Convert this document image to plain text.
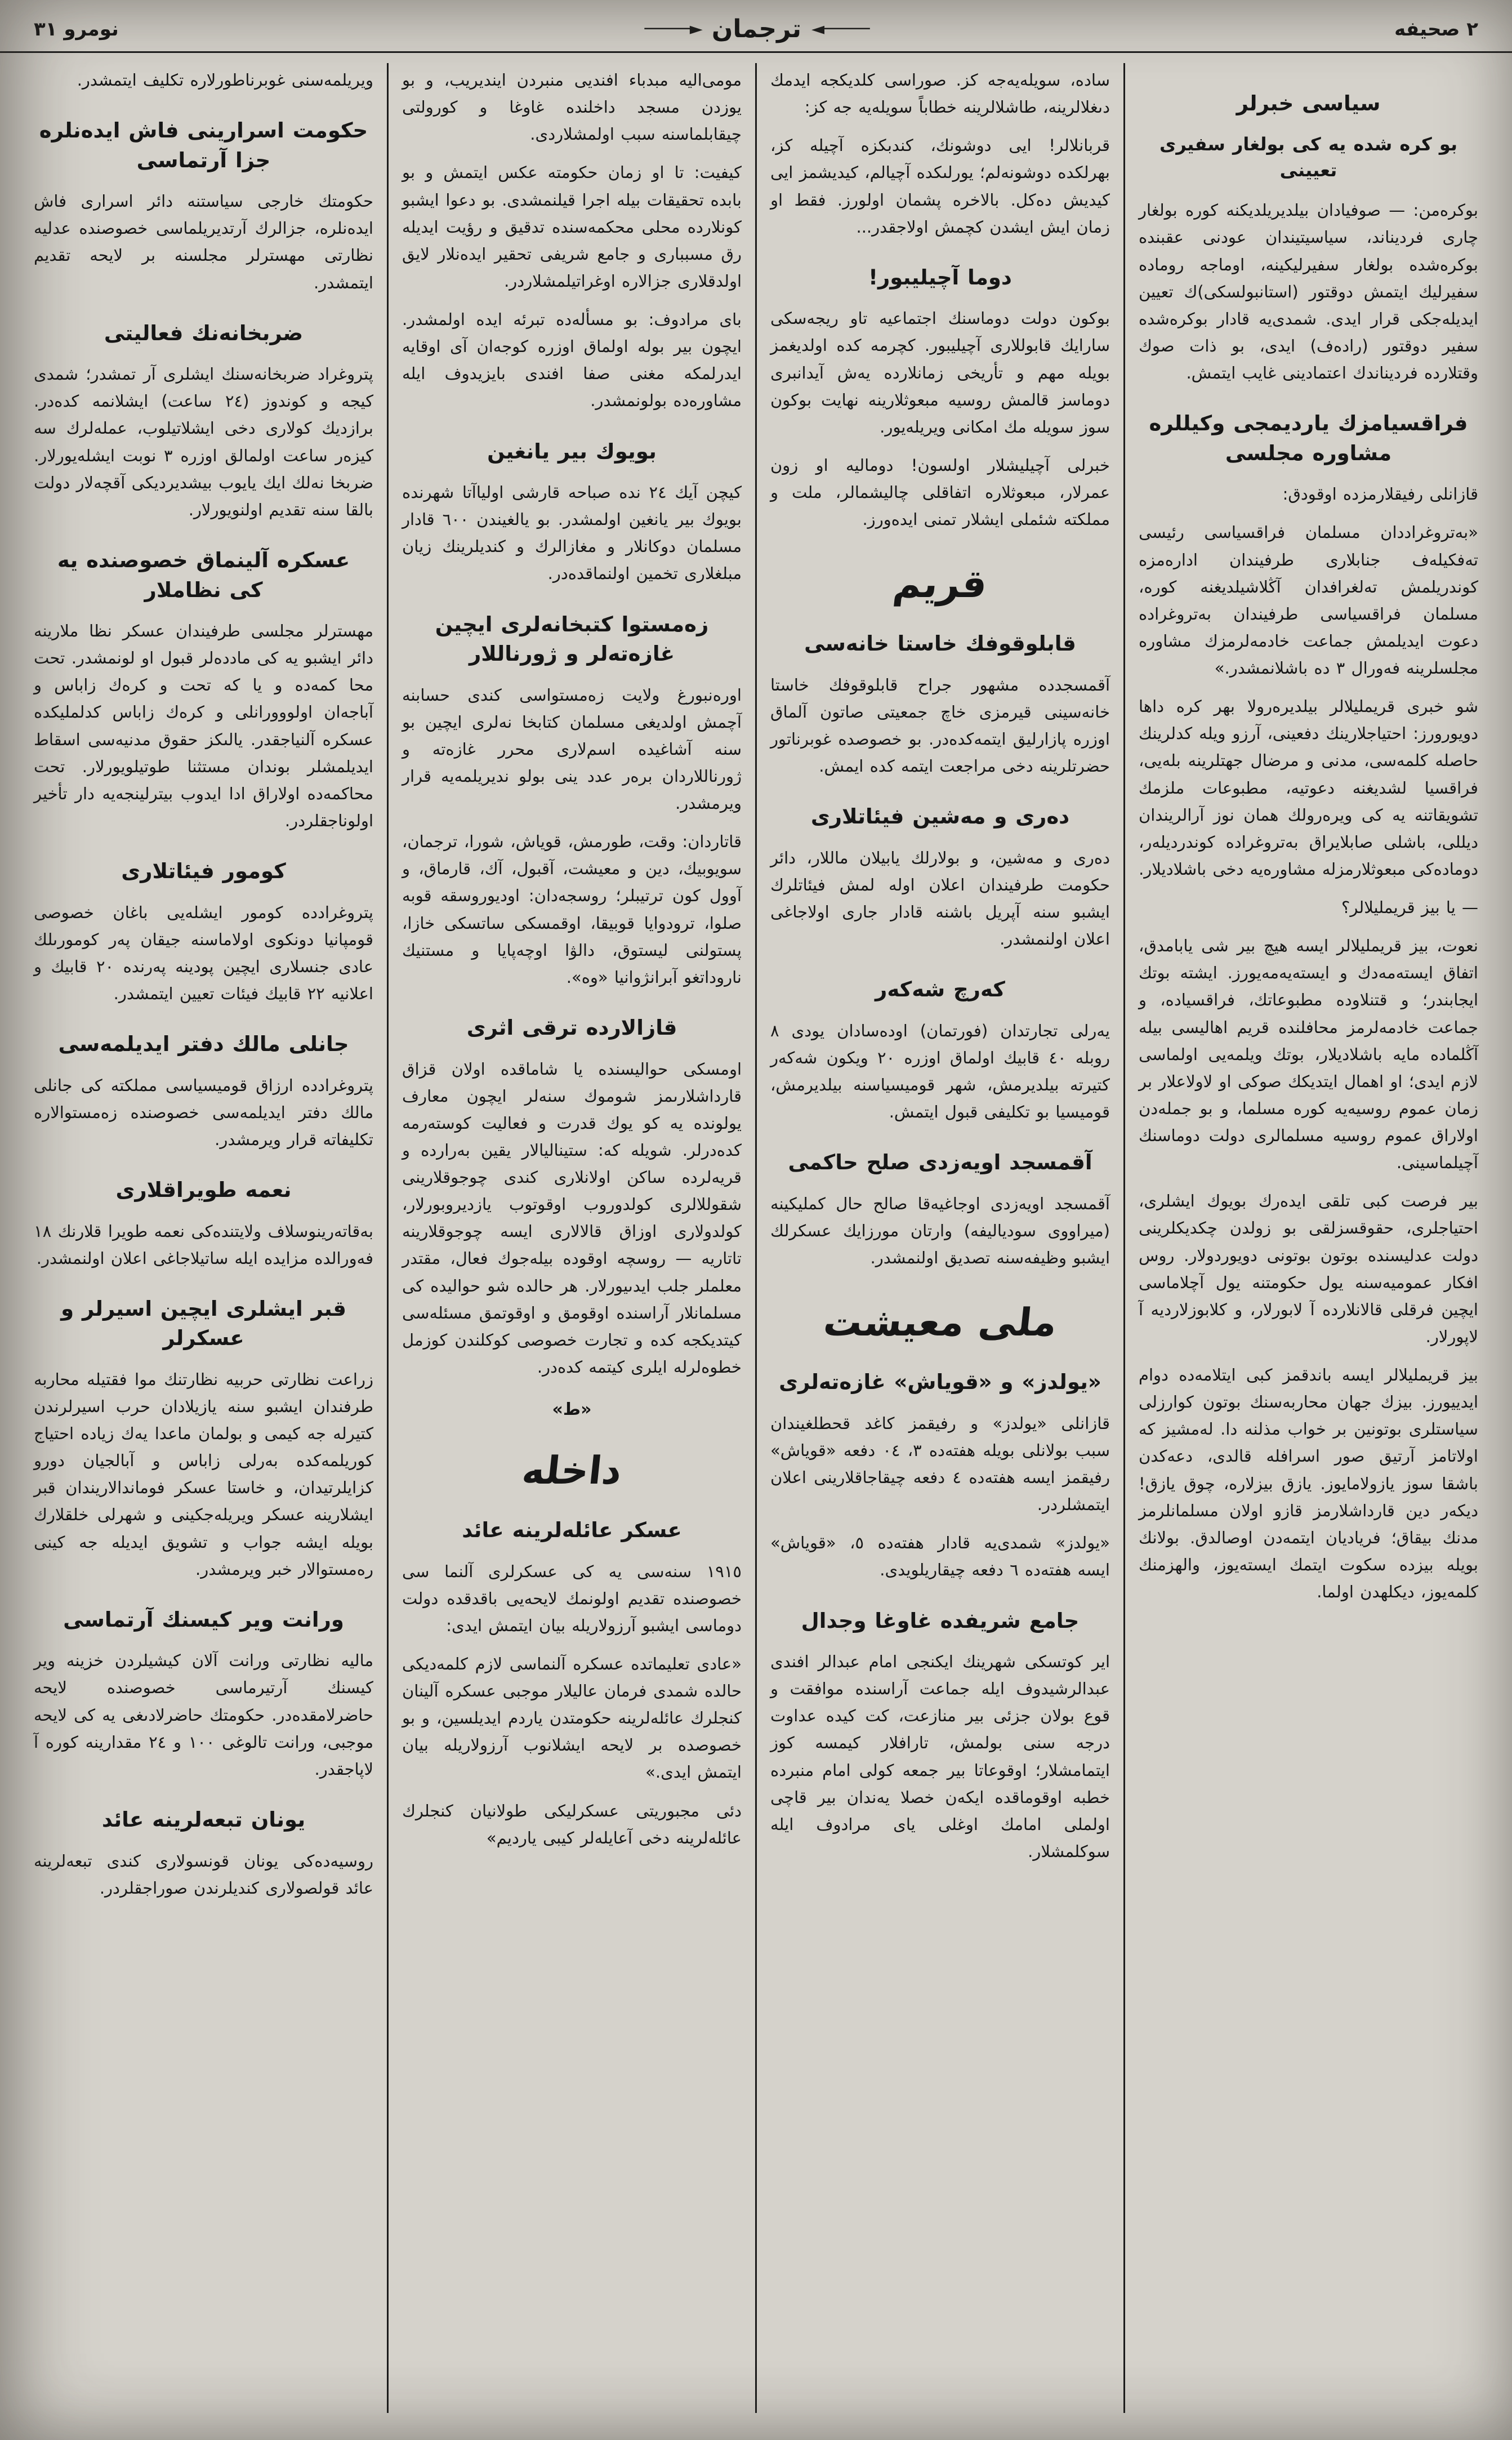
٢ صحيفه
─────► ترجمان ◄─────
نومرو ٣١
سياسی خبرلر
بو كره شده يه كی بولغار سفيری تعيينی
بوكرەمن: — صوفيادان بيلديريلديكنه كوره بولغار چاری فرديناند، سياسيتيندان عودنی عقبنده بوكرەشده بولغار سفيرليكينه، اوماجه روماده سفيرليك ايتمش دوقتور (استانبولسكی)ك تعيين ايديله‌جكی قرار ايدی. شمدی‌يه قادار بوكرەشده سفير دوقتور (رادەف) ايدی، بو ذات صوك وقتلارده فرديناندك اعتمادينی غايب ايتمش.
فراقسيامزك يارديمجی وكيللره مشاوره مجلسی
قازانلی رفيقلارمزده اوقودق:
«بەتروغراددان مسلمان فراقسياسی رئيسی تەفكيلەف جنابلاری طرفيندان اداره‌مزه كوندريلمش تەلغرافدان آڭلاشيلديغنه كوره، مسلمان فراقسياسی طرفيندان بەتروغراده دعوت ايديلمش جماعت خادمه‌لرمزك مشاوره مجلسلرينه فەورال ٣ ده باشلانمشدر.»
شو خبری قريمليلالر بيلديرەرولا بهر كره داها دويورورز: احتياجلارينك دفعينی، آرزو ويله كدلرينك حاصله كلمه‌سی، مدنی و مرضال جهتلرينه بله‌يی، فراقسيا لشديغنه دعوتيه، مطبوعات ملزمك تشويقاتنه يه كی ويرەرولك همان نوز آرالريندان ديللی، باشلی صابلايراق بەتروغراده كوندرديلەر، دوماده‌كی مبعوثلارمزله مشاوره‌يه دخی باشلاديلار.
— يا بيز قريمليلالر؟
نعوت، بيز قريمليلالر ايسه هيچ بير شی يابامدق، اتفاق ايسته‌مەدك و ايسته‌يەمەيورز. ايشته بوتك ايجابندر؛ و قتنلاوده مطبوعاتك، فراقسياده، و جماعت خادمه‌لرمز محافلنده قريم اهالیسی بيله آڭلماده مايه باشلاديلار، بوتك ويلمەيی اولماسی لازم ايدی؛ او اهمال ايتديكك صوكی او لاولاعلار بر زمان عموم روسيه‌يه كوره مسلما، و بو جمله‌دن اولاراق عموم روسيه مسلمالری دولت دوماسنك آچيلماسينى.
بير فرصت كبی تلقی ايدەرك بويوك ايشلری، احتياجلری، حقوقسزلقی بو زولدن چكديكلرينی دولت عدليسنده بوتون بوتونی دويوردولار. روس افكار عموميه‌سنه يول حكومتنه يول آچلاماسی ايچين فرقلی قالانلارده آ لابورلار، و كلابوزلارديه آ لاپورلار.
بيز قريمليلالر ايسه باندقمز كبی ايتلامه‌ده دوام ايدييورز. بيزك جهان محاربه‌سنك بوتون كوارزلی سياستلری بوتونين بر خواب مذلنه دا. لەمشيز كه اولاتامز آرتيق صور اسرافله قالدی، دعه‌كدن باشقا سوز يازولامايوز. يازق بيزلارە، چوق يازق! ديكەر دين قارداشلارمز قازو اولان مسلمانلرمز مدنك بيقاق؛ فرياديان ايتمەدن اوصالدق. بولانك بويله بيزده سكوت ايتمك ايسته‌يوز، والهزمنك كلمه‌يوز، ديكلهدن اولما.
ساده، سويله‌يه‌جه كز. صوراسی كلديكجه ايدمك دىغلالرينه، طاشلالرينه خطاباً سويله‌يه جه كز:
قربانلالر! ايی دوشونك، كندبكزه آچيله كز، بهرلكده دوشونه‌لم؛ يورلىكده آچيالم، كيديشمز ايی كيديش ده‌كل. بالاخره پشمان اولورز. فقط او زمان ايش ايشدن كچمش اولاجقدر...
دوما آچيليبور!
بوكون دولت دوماسنك اجتماعيه تاو ريجه‌سكی سارايك قابوللاری آچيليبور. كچرمه كده اولديغمز بويله مهم و تأريخی زمانلارده يەش آيدانبری دوماسز قالمش روسيه مبعوثلارينه نهايت بوكون سوز سويله مك امكانی ويريله‌يور.
خبرلی آچيليشلار اولسون! دوماليه او زون عمرلار، مبعوثلاره اتفاقلی چاليشمالر، ملت و مملكته شئملی ايشلار تمنی ايده‌ورز.
قريم
قابلوقوفك خاستا خانه‌سی
آقمسجدده مشهور جراح قابلوقوفك خاستا خانه‌سينی قيرمزی خاچ جمعيتی صاتون آلماق اوزره پازارليق ايتمه‌كده‌در. بو خصوصده غوبرناتور حضرتلرينه دخی مراجعت ايتمه كده ايمش.
دەری و مەشين فيئاتلاری
دەری و مەشين، و بولارلك يابيلان ماللار، دائر حكومت طرفيندان اعلان اوله لمش فيئاتلرك ايشبو سنه آپريل باشنه قادار جاری اولاجاغی اعلان اولنمشدر.
كەرچ شەكەر
يەرلی تجارتدان (فورتمان) اودەسادان يودی ٨ روبله ٤٠ قابيك اولماق اوزره ٢٠ ويكون شەكەر كتيرته بيلديرمش، شهر قوميسياسنه بيلديرمش، قوميسيا بو تكليفی قبول ايتمش.
آقمسجد اويەزدی صلح حاكمی
آقمسجد اويەزدی اوجاغيەقا صالح حال كمليكينه (ميراووی سودياليفه) وارتان مورزايك عسكرلك ايشبو وظيفه‌سنه تصديق اولنمشدر.
ملی معيشت
«يولدز» و «قوياش» غازەته‌لری
قازانلی «يولدز» و رفيقمز كاغد قحطلغيندان سبب بولانلی بويله هفته‌ده ٣، ٠٤ دفعه «قوياش» رفيقمز ايسه هفته‌ده ٤ دفعه چيقاجاقلارينی اعلان ايتمشلردر.
«يولدز» شمدی‌يه قادار هفته‌ده ٥، «قوياش» ايسه هفته‌ده ٦ دفعه چيقاريلويدی.
جامع شريفده غاوغا وجدال
اير كوتسكی شهرينك ايكنجی امام عبدالر افندی عبدالرشيدوف ايله جماعت آراسنده موافقت و قوع بولان جزئی بير منازعت، كت كيده عداوت درجه سنی بولمش، تارافلار كيمسه كوز ايتمامشلار؛ اوقوعاتا بير جمعه كولی امام منبرده خطبه اوقوماقده ايكەن خصلا يەندان بير قاچی اولملی امامك اوغلی يای مرادوف ايله سوكلمشلار.
مومی‌اليه مبدباء افندیی منبردن اينديريب، و بو يوزدن مسجد داخلنده غاوغا و كورولتی چيقابلماسنه سبب اولمشلاردی.
كيفيت: تا او زمان حكومته عكس ايتمش و بو بابده تحقيقات بيله اجرا قيلنمشدى. بو دعوا ايشبو كونلارده محلی محكمه‌سنده تدقيق و رؤيت ايديله رق مسبباری و جامع شريفی تحقير ايده‌نلار لايق اولدقلاری جزالاره اوغراتيلمشلاردر.
بای مرادوف: بو مسأله‌ده تبرئه ايده اولمشدر. ايچون بير بوله اولماق اوزره كوجه‌ان آی اوقايه ايدرلمكه مغنی صفا افندی بايزيدوف ايله مشاوره‌ده بولونمشدر.
بويوك بير يانغين
كيچن آيك ٢٤ نده صباحه قارشی اولياآتا شهرنده بويوك بير يانغين اولمشدر. بو يالغيندن ٦٠٠ قادار مسلمان دوكانلار و مغازالرك و كنديلرينك زيان مبلغلاری تخمين اولنماقده‌در.
زەمستوا كتبخانه‌لری ايچين غازەته‌لر و ژورناللار
اورەنبورغ ولايت زەمستواسی كندی حسابنه آچمش اولديغی مسلمان كتابخا نه‌لری ايچين بو سنه آشاغيده اسم‌لاری محرر غازەته و ژورناللاردان برەر عدد ينی بولو نديريلمه‌يه قرار ويرمشدر.
قاتاردان: وقت، طورمش، قوياش، شورا، ترجمان، سويوبيك، دين و معيشت، آقبول، آك، قارماق، و آوول كون ترتيبلر؛ روسجه‌دان: اوديوروسقه قوبه صلوا، ترودوايا قوبيقا، اوقمسكی ساتسكی خازا، پستولنى ليستوق، دالۋا اوچەپايا و مستنيك ناروداتغو آبرانژوانيا «وه».
قازالارده ترقی اثری
اومسكی حواليسنده يا شاماقده اولان قزاق قارداشلارىمز شوموك سنه‌لر ايچون معارف يولونده يه كو يوك قدرت و فعاليت كوسته‌رمه كده‌درلر. شويله كه: ستيناليالار يقين بەرارده و قريه‌لرده ساكن اولانلاری كندی چوجوقلارينى شقوللالری كولدوروب اوقوتوب يازديروبورلار، كولدولاری اوزاق قالالاری ايسه چوجوقلارينه تاتاريه — روسچه اوقوده بيله‌جوك فعال، مقتدر معلملر جلب ايدىيورلار. هر حالده شو حواليده كی مسلمانلار آراسنده اوقومق و اوقوتمق مسئله‌سی كيتديكجه كده و تجارت خصوصى كوكلندن كوزمل خطوه‌لرله ايلری كيتمه كده‌در.
«ط»
داخله
عسكر عائله‌لرينه عائد
١٩١٥ سنه‌سی يه كی عسكرلری آلنما سی خصوصنده تقديم اولونمك لايحه‌یی باقدقده دولت دوماسی ايشبو آرزولاريله بيان ايتمش ايدی:
«عادی تعليماتده عسكره آلنماسی لازم كلمه‌ديكی حالده شمدی فرمان عاليلار موجبی عسكره آلينان كنجلرك عائله‌لرينه حكومتدن ياردم ايديلسين، و بو خصوصده بر لايحه ايشلانوب آرزولاريله بيان ايتمش ايدی.»
دئی مجبوريتی عسكرليكی طولانيان كنجلرك عائله‌لرينه دخی آعايله‌لر كيبی ياردیم»
ويريلمه‌سنی غوبرناطورلاره تكليف ايتمشدر.
حكومت اسرارينی فاش ايده‌نلره جزا آرتماسی
حكومتك خارجی سياستنه دائر اسراری فاش ايده‌نلره، جزالرك آرتديريلماسی خصوصنده عدليه نظارتی مهسترلر مجلسنه بر لايحه تقديم ايتمشدر.
ضربخانه‌نك فعاليتی
پتروغراد ضربخانه‌سنك ايشلری آر تمشدر؛ شمدی كيجه و كوندوز (٢٤ ساعت) ايشلانمه كده‌در. برازديك كولاری دخی ايشلاتيلوب، عمله‌لرك سه كيزەر ساعت اولمالق اوزره ٣ نوبت ايشله‌يورلار. ضربخا نه‌لك ايك يايوب بيشديرديكی آقچه‌لار دولت بالقا سنه تقديم اولنويورلار.
عسكره آلينماق خصوصنده يه كی نظاملار
مهسترلر مجلسی طرفيندان عسكر نظا ملارينه دائر ايشبو يه كی ماددەلر قبول او لونمشدر. تحت محا كمه‌ده و يا كه تحت و كرەك زاباس و آباجەان اولووورانلى و كرەك زاباس كدلمليكده عسكره آلنياجقدر. يالىكز حقوق مدنيه‌سی اسقاط ايديلمشلر بوندان مستثنا طوتيلويورلار. تحت محاكمه‌ده اولاراق ادا ايدوب بيترلينجه‌يه دار تأخير اولوناجقلردر.
كومور فيئاتلاری
پتروغرادده كومور ايشله‌يی باغان خصوصی قومپانيا دونكوی اولاماسنه جيقان پەر كومورىلك عادی جنسلاری ايچين پودينه پەرنده ٢٠ قابيك و اعلانيه ٢٢ قابيك فيئات تعيين ايتمشدر.
جانلی مالك دفتر ايديلمه‌سی
پتروغرادده ارزاق قوميسياسی مملكته كی جانلی مالك دفتر ايديلمه‌سی خصوصنده زەمستوالاره تكليفاته قرار ويرمشدر.
نعمه طويراقلاری
بەقاتەرينوسلاف ولايتنده‌كی نعمه طويرا قلارنك ١٨ فەورالده مزايده ايله ساتيلاجاغی اعلان اولنمشدر.
قبر ايشلری ايچين اسيرلر و عسكرلر
زراعت نظارتی حربيه نظارتنك موا فقتيله محاربه طرفندان ايشبو سنه يازيلادان حرب اسيرلرندن كتيرله جه كيمی و بولمان ماعدا يەك زياده احتياج كوريلمه‌كده بەرلی زاباس و آبالجيان دورو كزايلرتيدان، و خاستا عسكر فوماندالاريندان قبر ايشلارينه عسكر ويريله‌جكينی و شهرلی خلقلارك بويله ايشه جواب و تشويق ايديله جه كينی رەمستوالار خبر ويرمشدر.
ورانت وير كيسنك آرتماسی
ماليه نظارتی ورانت آلان كيشيلردن خزينه وير كيسنك آرتيرماسی خصوصنده لايحه حاضرلامقدەدر. حكومتك حاضرلادىغی يه كی لايحه موجبى، ورانت تالوغی ١٠٠ و ٢٤ مقدارينه كوره آ لاپاجقدر.
يونان تبعه‌لرينه عائد
روسيه‌ده‌كی يونان قونسولاری كندی تبعه‌لرينه عائد قولصولاری كنديلرندن صوراجقلردر.
